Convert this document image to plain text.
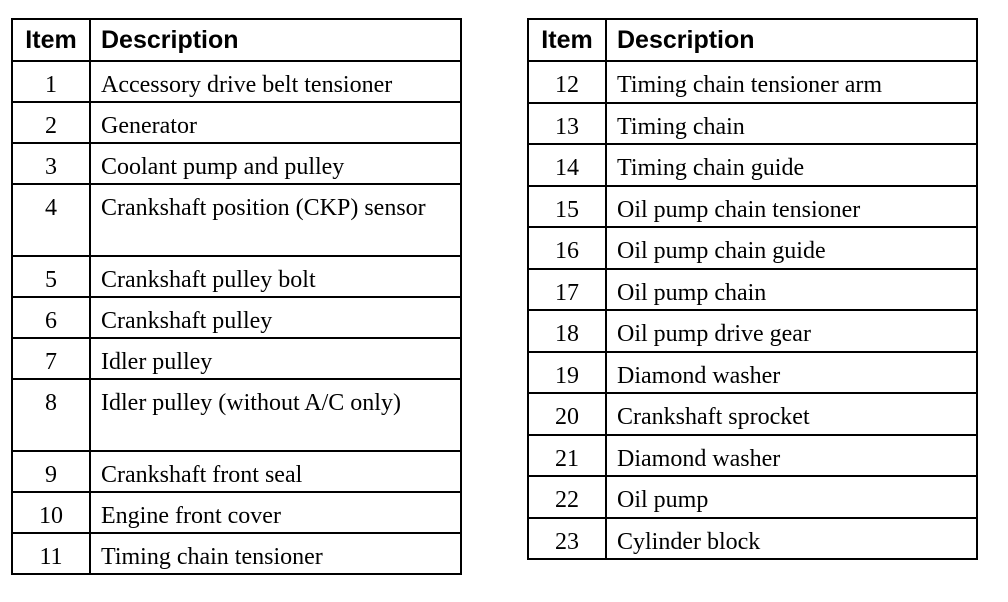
Item	Description
1	Accessory drive belt tensioner
2	Generator
3	Coolant pump and pulley
4	Crankshaft position (CKP) sensor
5	Crankshaft pulley bolt
6	Crankshaft pulley
7	Idler pulley
8	Idler pulley (without A/C only)
9	Crankshaft front seal
10	Engine front cover
11	Timing chain tensioner
Item	Description
12	Timing chain tensioner arm
13	Timing chain
14	Timing chain guide
15	Oil pump chain tensioner
16	Oil pump chain guide
17	Oil pump chain
18	Oil pump drive gear
19	Diamond washer
20	Crankshaft sprocket
21	Diamond washer
22	Oil pump
23	Cylinder block
